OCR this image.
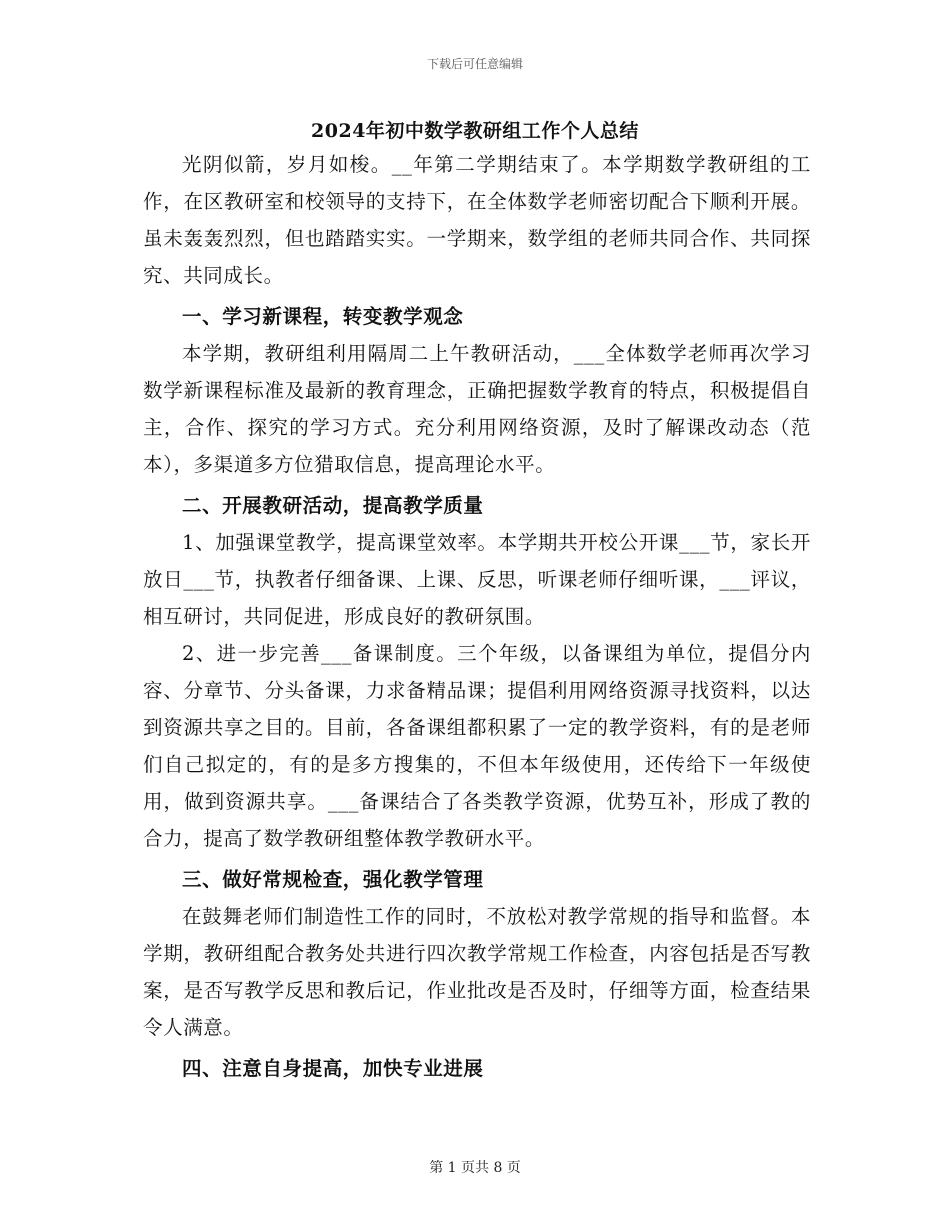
下载后可任意编辑
2024年初中数学教研组工作个人总结

光阴似箭，岁月如梭。__年第二学期结束了。本学期数学教研组的工作，在区教研室和校领导的支持下，在全体数学老师密切配合下顺利开展。虽未轰轰烈烈，但也踏踏实实。一学期来，数学组的老师共同合作、共同探究、共同成长。

一、学习新课程，转变教学观念

本学期，教研组利用隔周二上午教研活动，___全体数学老师再次学习数学新课程标准及最新的教育理念，正确把握数学教育的特点，积极提倡自主，合作、探究的学习方式。充分利用网络资源，及时了解课改动态（范本），多渠道多方位猎取信息，提高理论水平。

二、开展教研活动，提高教学质量

1、加强课堂教学，提高课堂效率。本学期共开校公开课___节，家长开放日___节，执教者仔细备课、上课、反思，听课老师仔细听课，___评议，相互研讨，共同促进，形成良好的教研氛围。

2、进一步完善___备课制度。三个年级，以备课组为单位，提倡分内容、分章节、分头备课，力求备精品课；提倡利用网络资源寻找资料，以达到资源共享之目的。目前，各备课组都积累了一定的教学资料，有的是老师们自己拟定的，有的是多方搜集的，不但本年级使用，还传给下一年级使用，做到资源共享。___备课结合了各类教学资源，优势互补，形成了教的合力，提高了数学教研组整体教学教研水平。

三、做好常规检查，强化教学管理

在鼓舞老师们制造性工作的同时，不放松对教学常规的指导和监督。本学期，教研组配合教务处共进行四次教学常规工作检查，内容包括是否写教案，是否写教学反思和教后记，作业批改是否及时，仔细等方面，检查结果令人满意。

四、注意自身提高，加快专业进展

第 1 页共 8 页
